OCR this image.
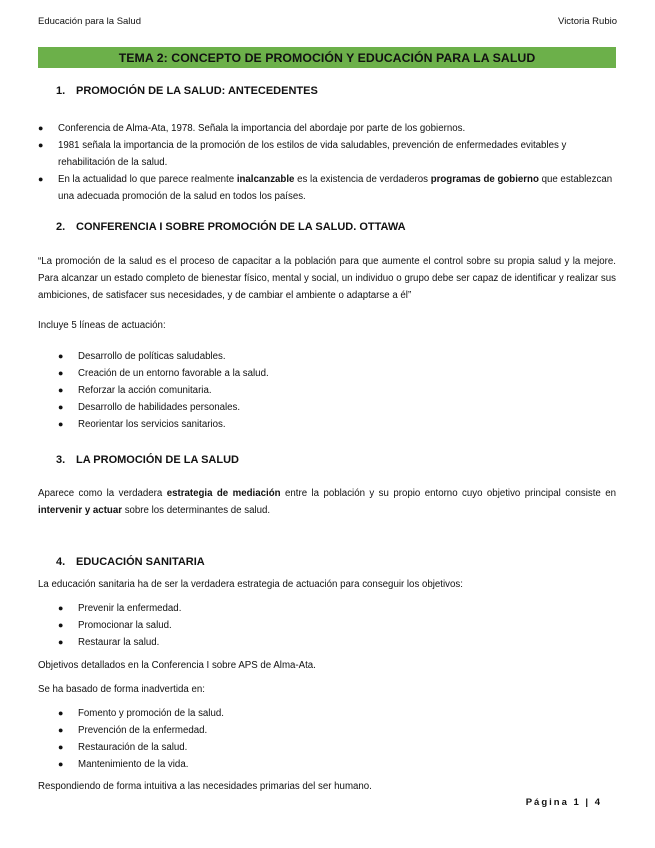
Educación para la Salud	Victoria Rubio
TEMA 2: CONCEPTO DE PROMOCIÓN Y EDUCACIÓN PARA LA SALUD
1. PROMOCIÓN DE LA SALUD: ANTECEDENTES
● Conferencia de Alma-Ata, 1978. Señala la importancia del abordaje por parte de los gobiernos.
● 1981 señala la importancia de la promoción de los estilos de vida saludables, prevención de enfermedades evitables y rehabilitación de la salud.
● En la actualidad lo que parece realmente inalcanzable es la existencia de verdaderos programas de gobierno que establezcan una adecuada promoción de la salud en todos los países.
2. CONFERENCIA I SOBRE PROMOCIÓN DE LA SALUD. OTTAWA
“La promoción de la salud es el proceso de capacitar a la población para que aumente el control sobre su propia salud y la mejore. Para alcanzar un estado completo de bienestar físico, mental y social, un individuo o grupo debe ser capaz de identificar y realizar sus ambiciones, de satisfacer sus necesidades, y de cambiar el ambiente o adaptarse a él”
Incluye 5 líneas de actuación:
● Desarrollo de políticas saludables.
● Creación de un entorno favorable a la salud.
● Reforzar la acción comunitaria.
● Desarrollo de habilidades personales.
● Reorientar los servicios sanitarios.
3. LA PROMOCIÓN DE LA SALUD
Aparece como la verdadera estrategia de mediación entre la población y su propio entorno cuyo objetivo principal consiste en intervenir y actuar sobre los determinantes de salud.
4. EDUCACIÓN SANITARIA
La educación sanitaria ha de ser la verdadera estrategia de actuación para conseguir los objetivos:
● Prevenir la enfermedad.
● Promocionar la salud.
● Restaurar la salud.
Objetivos detallados en la Conferencia I sobre APS de Alma-Ata.
Se ha basado de forma inadvertida en:
● Fomento y promoción de la salud.
● Prevención de la enfermedad.
● Restauración de la salud.
● Mantenimiento de la vida.
Respondiendo de forma intuitiva a las necesidades primarias del ser humano.
Página 1 | 4
